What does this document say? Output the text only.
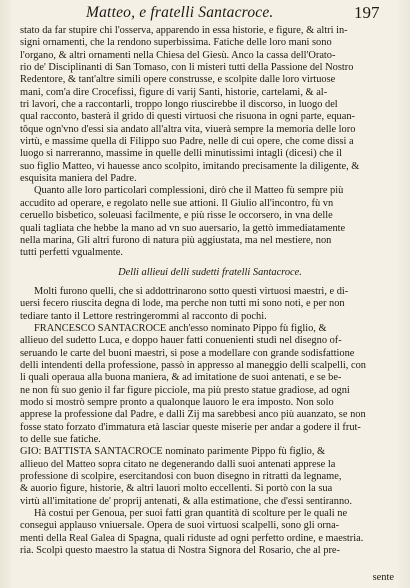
Matteo, e fratelli Santacroce.	197
stato da far stupire chi l'osserva, apparendo in essa historie, e figure, & altri in-
signi ornamenti, che la rendono superbissima. Fatiche delle loro mani sono
l'organo, & altri ornamenti nella Chiesa del Giesù. Anco la cassa dell'Orato-
rio de' Disciplinanti di San Tomaso, con li misteri tutti della Passione del Nostro
Redentore, & tant'altre simili opere construsse, e scolpite dalle loro virtuose
mani, com'a dire Crocefissi, figure di varij Santi, historie, cartelami, & al-
tri lavori, che a raccontarli, troppo longo riuscirebbe il discorso, in luogo del
qual racconto, basterà il grido di questi virtuosi che risuona in ogni parte, equan-
tôque ogn'vno d'essi sia andato all'altra vita, viuerà sempre la memoria delle loro
virtù, e massime quella di Filippo suo Padre, nelle di cui opere, che come dissi a
luogo si narreranno, massime in quelle delli minutissimi intagli (dicesi) che il
suo figlio Matteo, vi hauesse anco scolpito, imitando precisamente la diligente, &
esquisita maniera del Padre.
Quanto alle loro particolari complessioni, dirò che il Matteo fù sempre più
accudito ad operare, e regolato nelle sue attioni. Il Giulio all'incontro, fù vn
ceruello bisbetico, soleuasi facilmente, e più risse le occorsero, in vna delle
quali tagliata che hebbe la mano ad vn suo auersario, la gettò immediatamente
nella marina, Gli altri furono di natura più aggiustata, ma nel mestiere, non
tutti perfetti vgualmente.
Delli allieui delli sudetti fratelli Santacroce.
Molti furono quelli, che si addottrinarono sotto questi virtuosi maestri, e di-
uersi fecero riuscita degna di lode, ma perche non tutti mi sono noti, e per non
tediare tanto il Lettore restringerommi al racconto di pochi.
FRANCESCO SANTACROCE anch'esso nominato Pippo fù figlio, &
allieuo del sudetto Luca, e doppo hauer fatti conuenienti studi nel disegno of-
seruando le carte del buoni maestri, si pose a modellare con grande sodisfattione
delli intendenti della professione, passò in appresso al maneggio delli scalpelli, con
li quali operaua alla buona maniera, & ad imitatione de suoi antenati, e se be-
ne non fù suo genio il far figure picciole, ma più presto statue gradiose, ad ogni
modo si mostrò sempre pronto a qualonque lauoro le era imposto. Non solo
apprese la professione dal Padre, e dalli Zij ma sarebbesi anco più auanzato, se non
fosse stato forzato d'immatura età lasciar queste miserie per andar a godere il frut-
to delle sue fatiche.
GIO: BATTISTA SANTACROCE nominato parimente Pippo fù figlio, &
allieuo del Matteo sopra citato ne degenerando dalli suoi antenati apprese la
professione di scolpire, esercitandosi con buon disegno in ritratti da legname,
& auorio figure, historie, & altri lauori molto eccellenti. Si portò con la sua
virtù all'imitatione de' proprij antenati, & alla estimatione, che d'essi sentiranno.
Hà costui per Genoua, per suoi fatti gran quantità di scolture per le quali ne
consegui applauso vniuersale. Opera de suoi virtuosi scalpelli, sono gli orna-
menti della Real Galea di Spagna, quali riduste ad ogni perfetto ordine, e maestria.
ria. Scolpì questo maestro la statua di Nostra Signora del Rosario, che al pre-
sente
